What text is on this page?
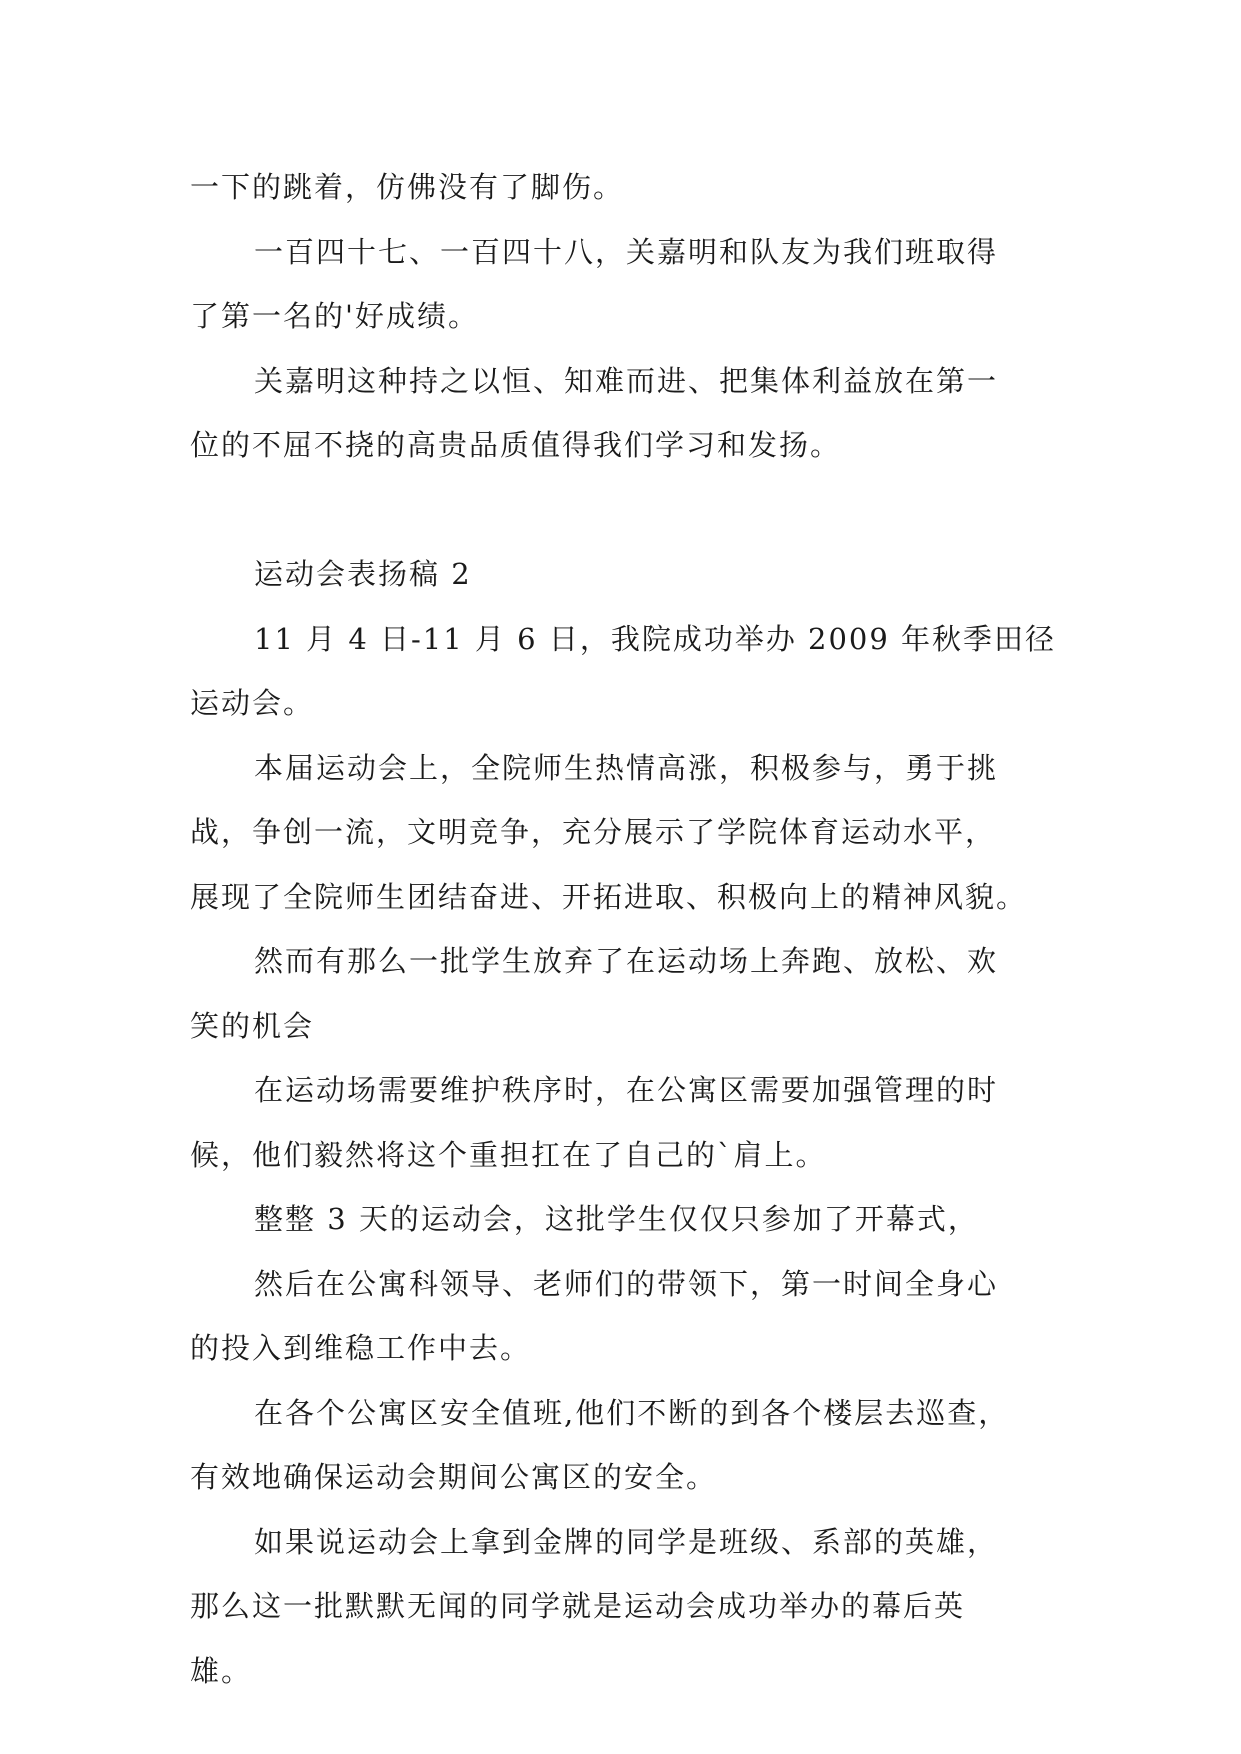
一下的跳着，仿佛没有了脚伤。
一百四十七、一百四十八，关嘉明和队友为我们班取得
了第一名的'好成绩。
关嘉明这种持之以恒、知难而进、把集体利益放在第一
位的不屈不挠的高贵品质值得我们学习和发扬。
运动会表扬稿 2
11 月 4 日-11 月 6 日，我院成功举办 2009 年秋季田径
运动会。
本届运动会上，全院师生热情高涨，积极参与，勇于挑
战，争创一流，文明竞争，充分展示了学院体育运动水平，
展现了全院师生团结奋进、开拓进取、积极向上的精神风貌。
然而有那么一批学生放弃了在运动场上奔跑、放松、欢
笑的机会
在运动场需要维护秩序时，在公寓区需要加强管理的时
候，他们毅然将这个重担扛在了自己的`肩上。
整整 3 天的运动会，这批学生仅仅只参加了开幕式，
然后在公寓科领导、老师们的带领下，第一时间全身心
的投入到维稳工作中去。
在各个公寓区安全值班,他们不断的到各个楼层去巡查，
有效地确保运动会期间公寓区的安全。
如果说运动会上拿到金牌的同学是班级、系部的英雄，
那么这一批默默无闻的同学就是运动会成功举办的幕后英
雄。
